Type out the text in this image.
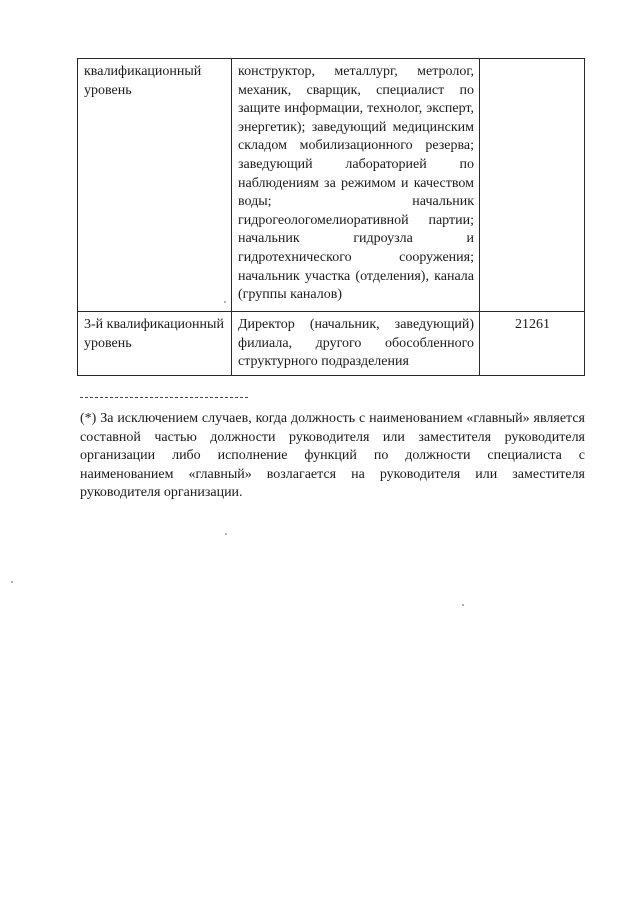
квалификационный уровень	конструктор, металлург, метролог, механик, сварщик, специалист по защите информации, технолог, эксперт, энергетик); заведующий медицинским складом мобилизационного резерва; заведующий лабораторией по наблюдениям за режимом и качеством воды; начальник гидрогеологомелиоративной партии; начальник гидроузла и гидротехнического сооружения; начальник участка (отделения), канала (группы каналов)	
3-й квалификационный уровень	Директор (начальник, заведующий) филиала, другого обособленного структурного подразделения	21261
(*) За исключением случаев, когда должность с наименованием «главный» является составной частью должности руководителя или заместителя руководителя организации либо исполнение функций по должности специалиста с наименованием «главный» возлагается на руководителя или заместителя руководителя организации.
